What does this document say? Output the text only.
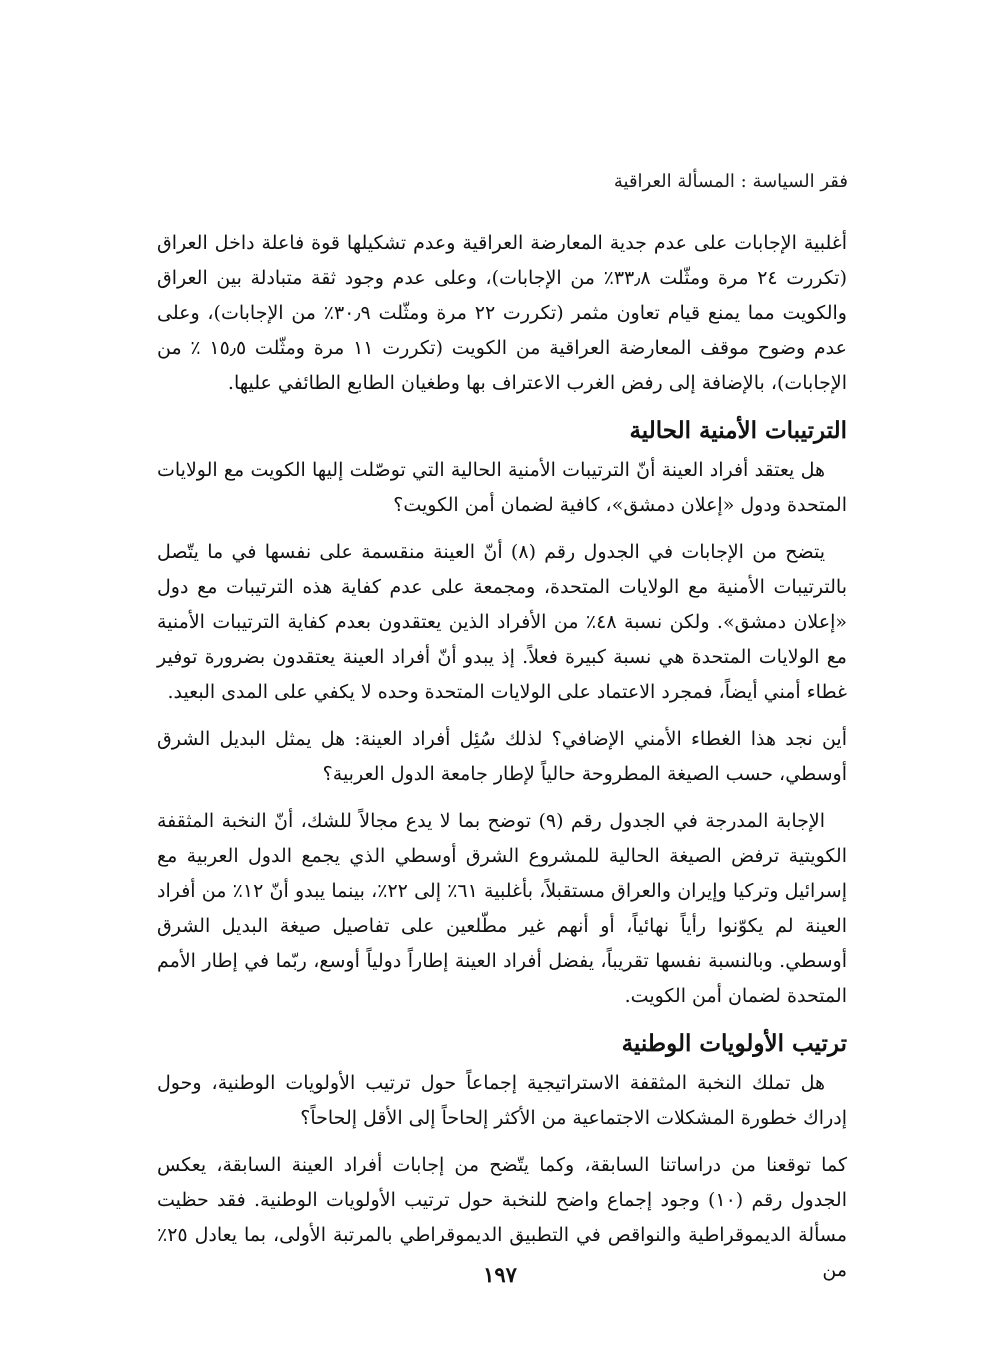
فقر السياسة : المسألة العراقية

أغلبية الإجابات على عدم جدية المعارضة العراقية وعدم تشكيلها قوة فاعلة داخل العراق (تكررت ٢٤ مرة ومثّلت ٣٣٫٨٪ من الإجابات)، وعلى عدم وجود ثقة متبادلة بين العراق والكويت مما يمنع قيام تعاون مثمر (تكررت ٢٢ مرة ومثّلت ٣٠٫٩٪ من الإجابات)، وعلى عدم وضوح موقف المعارضة العراقية من الكويت (تكررت ١١ مرة ومثّلت ١٥٫٥ ٪ من الإجابات)، بالإضافة إلى رفض الغرب الاعتراف بها وطغيان الطابع الطائفي عليها.

الترتيبات الأمنية الحالية

هل يعتقد أفراد العينة أنّ الترتيبات الأمنية الحالية التي توصّلت إليها الكويت مع الولايات المتحدة ودول «إعلان دمشق»، كافية لضمان أمن الكويت؟

يتضح من الإجابات في الجدول رقم (٨) أنّ العينة منقسمة على نفسها في ما يتّصل بالترتيبات الأمنية مع الولايات المتحدة، ومجمعة على عدم كفاية هذه الترتيبات مع دول «إعلان دمشق». ولكن نسبة ٤٨٪ من الأفراد الذين يعتقدون بعدم كفاية الترتيبات الأمنية مع الولايات المتحدة هي نسبة كبيرة فعلاً. إذ يبدو أنّ أفراد العينة يعتقدون بضرورة توفير غطاء أمني أيضاً، فمجرد الاعتماد على الولايات المتحدة وحده لا يكفي على المدى البعيد.

أين نجد هذا الغطاء الأمني الإضافي؟ لذلك سُئِل أفراد العينة: هل يمثل البديل الشرق أوسطي، حسب الصيغة المطروحة حالياً لإطار جامعة الدول العربية؟

الإجابة المدرجة في الجدول رقم (٩) توضح بما لا يدع مجالاً للشك، أنّ النخبة المثقفة الكويتية ترفض الصيغة الحالية للمشروع الشرق أوسطي الذي يجمع الدول العربية مع إسرائيل وتركيا وإيران والعراق مستقبلاً، بأغلبية ٦١٪ إلى ٢٢٪، بينما يبدو أنّ ١٢٪ من أفراد العينة لم يكوّنوا رأياً نهائياً، أو أنهم غير مطّلعين على تفاصيل صيغة البديل الشرق أوسطي. وبالنسبة نفسها تقريباً، يفضل أفراد العينة إطاراً دولياً أوسع، ربّما في إطار الأمم المتحدة لضمان أمن الكويت.

ترتيب الأولويات الوطنية

هل تملك النخبة المثقفة الاستراتيجية إجماعاً حول ترتيب الأولويات الوطنية، وحول إدراك خطورة المشكلات الاجتماعية من الأكثر إلحاحاً إلى الأقل إلحاحاً؟

كما توقعنا من دراساتنا السابقة، وكما يتّضح من إجابات أفراد العينة السابقة، يعكس الجدول رقم (١٠) وجود إجماع واضح للنخبة حول ترتيب الأولويات الوطنية. فقد حظيت مسألة الديموقراطية والنواقص في التطبيق الديموقراطي بالمرتبة الأولى، بما يعادل ٢٥٪ من

١٩٧
